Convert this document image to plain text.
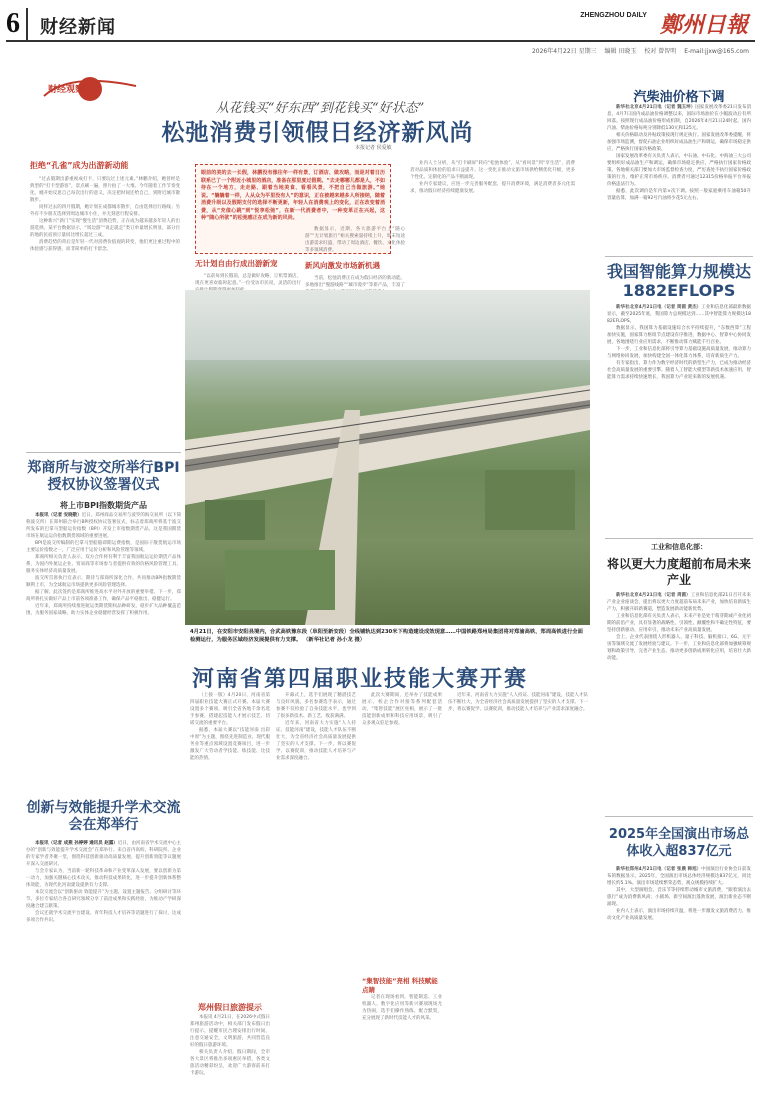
6	财经新闻
ZHENGZHOU DAILY 鄭州日報
2026年4月22日 星期三 编辑 田晓玉 校对 曾智明 E-mail:jjxw@165.com
财经观察
从花钱买“好东西”到花钱买“好状态”
松弛消费引领假日经济新风尚
本报记者 侯爱敏
眼前的美的去一长假，林鹏没有像往年一样有景、订酒店、做攻略，而是对着日历联系已了一个附近小城里的酒店，准备在那里度过假期。“去走哪哪儿都是人，不如待在一个地方，走走路、跟着当地美食、看看风景，不把自己当做旅游。”她说。“躺躺着一样，人从众为平里没有人”的意识，正在被越来越多人所接纳，随着消费升级以及假期支付的选择不断更新，年轻人在消费观上的变化，正在改变着消费，从“充值心跳”到“悦享松弛”，在新一代消费者中，一种变革正在兴起，这种“随心所欲”的松弛感正在成为新的风尚。
拒绝“孔雀”成为出游新动能

“过去假期出游重视成打卡，只要玩过上述元素。”林鹏介绍，她曾经是典型的“打卡型游客”，景点刷一遍，照片拍了一大堆。今年随着工作节奏变化，她开始反思自己每次出行的意义，决定把时间还给自己，到附近城市散散步。

同样过去的四月假期，她计划在成都城市散步，自由选择出行路线；另外有不少朋友选择到周边城市小住，并无刻意行程安排。

这种新兴“新门”实现“慢生活”消费趋势，正在成为越来越多年轻人的出游选择。某平台数据显示，“周边游”“说走就走”类订单量增长明显，部分目的地的民宿预订量同比增长超过三成。

消费趋势的背后是年轻一代对消费价值观的转变，他们更注重过程中的体验感与获得感，而非简单的打卡留念。

无计划自由行成出游新宠

“以前每到长假前，总是做好攻略，订机票酒店，现在更喜欢临时起意。”一位受访市民说，灵活的出行

数据显示，近期，各大旅游平台上“随心游”“无计划旅行”相关搜索量持续上升，周末短途出游需求旺盛，带动了周边酒店、餐饮、文化体验等多领域消费。

新风向激发市场新机遇

当前，松弛消费正在成为假日经济的新动能。多地推出“慢游线路”“城市漫步”等新产品，丰富了

业内人士分析，从“打卡刷屏”转向“松弛体验”，从“看风景”到“享生活”，消费者对品质和体验的追求日益提升。这一变化正推动文旅市场供给侧优化升级，更多个性化、定制化的产品不断涌现。

业内专家建议，应进一步完善服务配套，提升消费环境，满足消费者多元化需求，推动假日经济持续健康发展。

汽柴油价格下调

新华社北京4月21日电（记者 魏玉坤）国家发展改革委21日发布消息，4月7日国内成品油价格调整以来，国际市场油价在小幅波动后有所回落。按照现行成品油价格形成机制，自2026年4月21日24时起，国内汽油、柴油价格每吨分别降低130元和125元。

相关价格联动及补贴政策按现行规定执行。国家发展改革委提醒，将加强市场监测，督促石油企业组织好成品油生产和调运，确保市场稳定供应，严格执行国家价格政策。

国家发展改革委有关负责人表示，中石油、中石化、中海油三大公司要组织好成品油生产和调运，确保市场稳定供应，严格执行国家价格政策。各地相关部门要加大市场监督检查力度，严厉查处不执行国家价格政策的行为，维护正常市场秩序。消费者可通过12315价格举报平台举报价格违法行为。

据悉，此次调价是年内第×次下调。按照一般家庭乘用车油箱50升容量估算，加满一箱92号汽油将少花5元左右。

我国智能算力规模达1882EFLOPS

新华社北京4月21日电（记者 周圆 黄杰）工业和信息化部最新数据显示，截至2025年底，我国算力总规模达到……其中智能算力规模达1882EFLOPS。

数据显示，我国算力基础设施综合水平持续提升，“东数西算”工程加快实施，国家算力枢纽节点建设有序推进，数据中心、智算中心协同发展，各地围绕行业应用需求，不断推动算力赋能千行百业。

下一步，工业和信息化部将引导算力基础设施高质量发展，推动算力与网络协同发展，加快构建全国一体化算力体系，培育新质生产力。

有专家指出，算力作为数字经济时代的新型生产力，已成为推动经济社会高质量发展的重要引擎。随着人工智能大模型等新技术加速应用，智能算力需求持续快速增长，我国算力产业迎来新的发展机遇。

工业和信息化部：
将以更大力度超前布局未来产业

新华社北京4月21日电（记者 周圆）工业和信息化部21日召开未来产业企业座谈会，提出将以更大力度超前布局未来产业，加快培育新质生产力，积极开辟新赛道，塑造发展新动能新优势。

工业和信息化部有关负责人表示，未来产业是处于萌芽期或产业化初期的前沿产业，具有显著的战略性、引领性、颠覆性和不确定性特征，要坚持创新驱动、应用牵引，推动未来产业高质量发展。

会上，企业代表围绕人形机器人、量子科技、脑机接口、6G、元宇宙等领域交流了发展经验与建议。下一步，工业和信息化部将加强统筹规划和政策引导，完善产业生态，推动更多创新成果转化应用，培育壮大新动能。

2025年全国演出市场总体收入超837亿元

新华社郑州4月21日电（记者 张晨 韩旭）中国演出行业协会日前发布的数据显示，2025年，全国演出市场总体经济规模达837亿元，同比增长约5.1%。演出市场延续繁荣态势，观众规模持续扩大。

其中，大型演唱会、音乐节等持续带动城市文旅消费，“跟着演出去旅行”成为消费新风尚；小剧场、新空间演出蓬勃发展，演出新业态不断涌现。

业内人士表示，演出市场持续升温，将进一步激发文旅消费活力，推动文化产业高质量发展。

郑商所与波交所举行BPI授权协议签署仪式
将上市BPI指数期货产品

本报讯（记者 安晓敬）近日，郑州商品交易所与波罗的海交易所（以下简称波交所）在郑州联合举行BPI授权协议签署仪式，标志着郑商所将基于波交所发布的巴拿马型船运价指数（BPI）开发上市指数期货产品，这是我国期货市场在航运运价指数期货领域的重要进展。

BPI是波交所编制的巴拿马型船舶即期运费指数，是国际干散货航运市场主要运价指数之一，广泛应用于运价分析和风险管理等领域。

郑商所相关负责人表示，双方合作将有利于丰富我国航运运价期货产品体系，为国内外航运企业、贸易商等市场参与者提供有效的价格风险管理工具，服务实体经济高质量发展。

波交所首席执行官表示，期待与郑商所深化合作，共同推动BPI指数期货顺利上市，为全球航运市场提供更多风险管理选择。

据了解，此次签约是郑商所推进高水平对外开放的重要举措。下一步，郑商所将扎实做好产品上市前各项准备工作，确保产品平稳推出、稳健运行。

近年来，郑商所持续推进航运类期货期权品种研发，稳步扩大品种覆盖范围，为服务国家战略、助力实体企业稳健经营发挥了积极作用。

4月21日，在安阳市安阳县境内，合武高铁豫东段（阜阳至新安段）全线铺轨达到230米下构造建设成效现意……中国铁路郑州局集团将对郑渝高铁、郑周高铁进行全面检测运行，为服务区域经济发展提供有力支撑。 （新华社记者 孙小龙 摄）
河南省第四届职业技能大赛开赛

（上接一版）4月20日，河南省第四届职业技能大赛正式开赛。本届大赛设置多个赛项，吸引全省各地千余名选手参赛，搭建起技能人才展示技艺、切磋交流的重要平台。

据悉，本届大赛以“技能河南 出彩中原”为主题，围绕先进制造业、现代服务业等重点领域设置竞赛项目，进一步激发广大劳动者学技能、练技能、比技能的热情。

开幕式上，选手们展现了精湛技艺与良好风貌。多名参赛选手表示，通过参赛不仅检验了自身技能水平，也学到了很多新技术、新工艺，收获满满。

近年来，河南省大力实施“人人持证、技能河南”建设，技能人才队伍不断壮大，为全省经济社会高质量发展提供了坚实的人才支撑。下一步，将以赛促学、以赛促训，推动技能人才培养与产业需求深度融合。

此次大赛期间，还举办了技能成果展示、校企合作对接等系列配套活动，“集智技能”展区亮相，展示了一批技能创新成果和科技应用场景，吸引了众多观众驻足参观。

“集智技能”亮相 科技赋能点睛

记者在现场看到，智能制造、工业机器人、数字化应用等新兴赛项现场尤为热闹，选手们操作熟练、配合默契，充分展现了新时代技能人才的风采。

近年来，河南省大力实施“人人持证、技能河南”建设，技能人才队伍不断壮大，为全省经济社会高质量发展提供了坚实的人才支撑。下一步，将以赛促学、以赛促训，推动技能人才培养与产业需求深度融合。

创新与效能提升学术交流会在郑举行

本报讯（记者 成燕 孙婷婷 通讯员 赵露）近日，由河南省学术交流中心主办的“创新与效能提升学术交流会”在郑举行。来自省内高校、科研院所、企业的专家学者齐聚一堂，围绕科技创新驱动高质量发展、提升创新效能等议题展开深入交流研讨。

与会专家认为，当前新一轮科技革命和产业变革深入发展，要以创新为第一动力，加强关键核心技术攻关，推动科技成果转化，进一步提升创新体系整体效能，为现代化河南建设提供有力支撑。

本次交流会以“创新驱动 效能提升”为主题，设置主题报告、分组研讨等环节。多位专家结合各自研究领域分享了前沿成果和实践经验，为推动产学研深度融合建言献策。

会议还就学术交流平台建设、青年科技人才培养等话题进行了探讨，达成多项合作共识。

郑州假日旅游提示

本报讯 4月21日，在2026中式假日郑州旅游活动中，相关部门发布假日出行提示，提醒市民合理安排出行时间，注意交通安全，文明旅游，共同营造良好的假日旅游环境。

相关负责人介绍，假日期间，全市各大景区将推出多项惠民举措，各类文旅活动精彩纷呈，欢迎广大游客前来打卡游玩。
